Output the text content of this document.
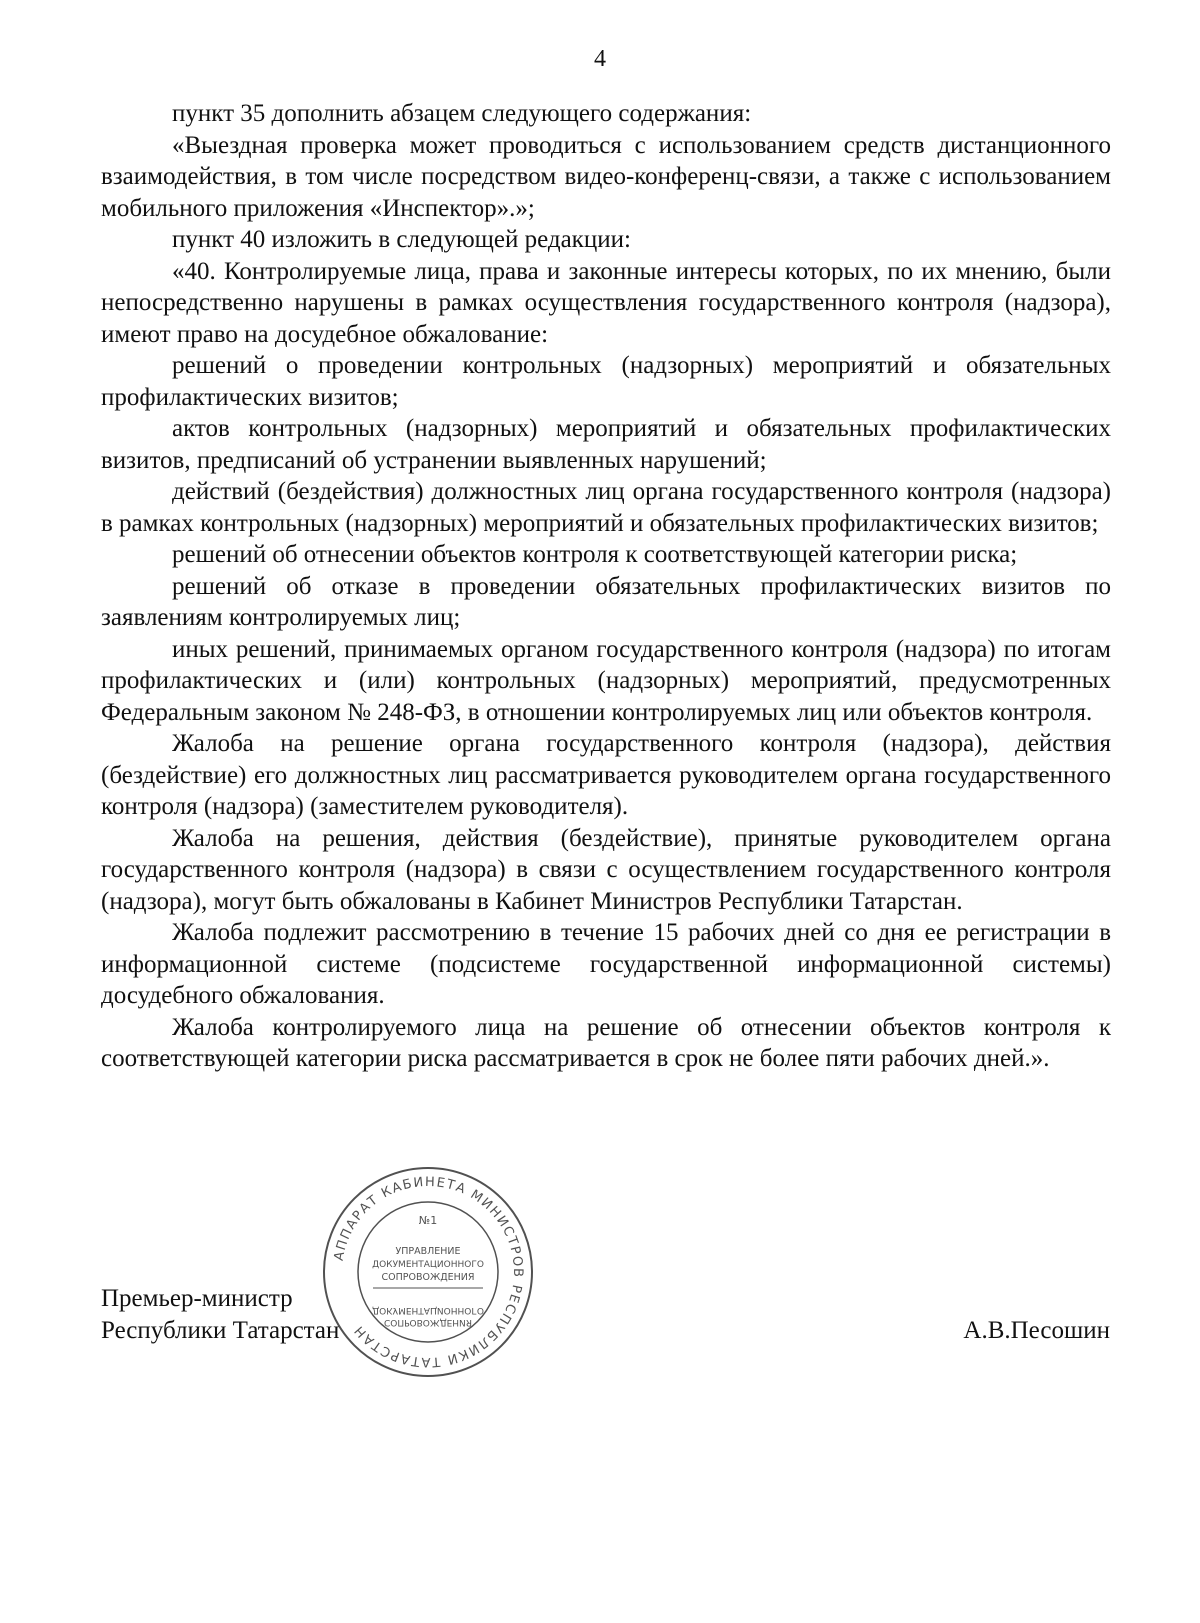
4

пункт 35 дополнить абзацем следующего содержания:

«Выездная проверка может проводиться с использованием средств дистанционного взаимодействия, в том числе посредством видео-конференц-связи, а также с использованием мобильного приложения «Инспектор».»;

пункт 40 изложить в следующей редакции:

«40. Контролируемые лица, права и законные интересы которых, по их мнению, были непосредственно нарушены в рамках осуществления государственного контроля (надзора), имеют право на досудебное обжалование:

решений о проведении контрольных (надзорных) мероприятий и обязательных профилактических визитов;

актов контрольных (надзорных) мероприятий и обязательных профилактических визитов, предписаний об устранении выявленных нарушений;

действий (бездействия) должностных лиц органа государственного контроля (надзора) в рамках контрольных (надзорных) мероприятий и обязательных профилактических визитов;

решений об отнесении объектов контроля к соответствующей категории риска;

решений об отказе в проведении обязательных профилактических визитов по заявлениям контролируемых лиц;

иных решений, принимаемых органом государственного контроля (надзора) по итогам профилактических и (или) контрольных (надзорных) мероприятий, предусмотренных Федеральным законом № 248-ФЗ, в отношении контролируемых лиц или объектов контроля.

Жалоба на решение органа государственного контроля (надзора), действия (бездействие) его должностных лиц рассматривается руководителем органа государственного контроля (надзора) (заместителем руководителя).

Жалоба на решения, действия (бездействие), принятые руководителем органа государственного контроля (надзора) в связи с осуществлением государственного контроля (надзора), могут быть обжалованы в Кабинет Министров Республики Татарстан.

Жалоба подлежит рассмотрению в течение 15 рабочих дней со дня ее регистрации в информационной системе (подсистеме государственной информационной системы) досудебного обжалования.

Жалоба контролируемого лица на решение об отнесении объектов контроля к соответствующей категории риска рассматривается в срок не более пяти рабочих дней.».

Премьер-министр
Республики Татарстан	А.В.Песошин
АППАРАТ КАБИНЕТА МИНИСТРОВ РЕСПУБЛИКИ ТАТАРСТАН
№1
УПРАВЛЕНИЕ
ДОКУМЕНТАЦИОННОГО
СОПРОВОЖДЕНИЯ
СОПРОВОЖДЕНИЯ
ДОКУМЕНТАЦИОННОГО
